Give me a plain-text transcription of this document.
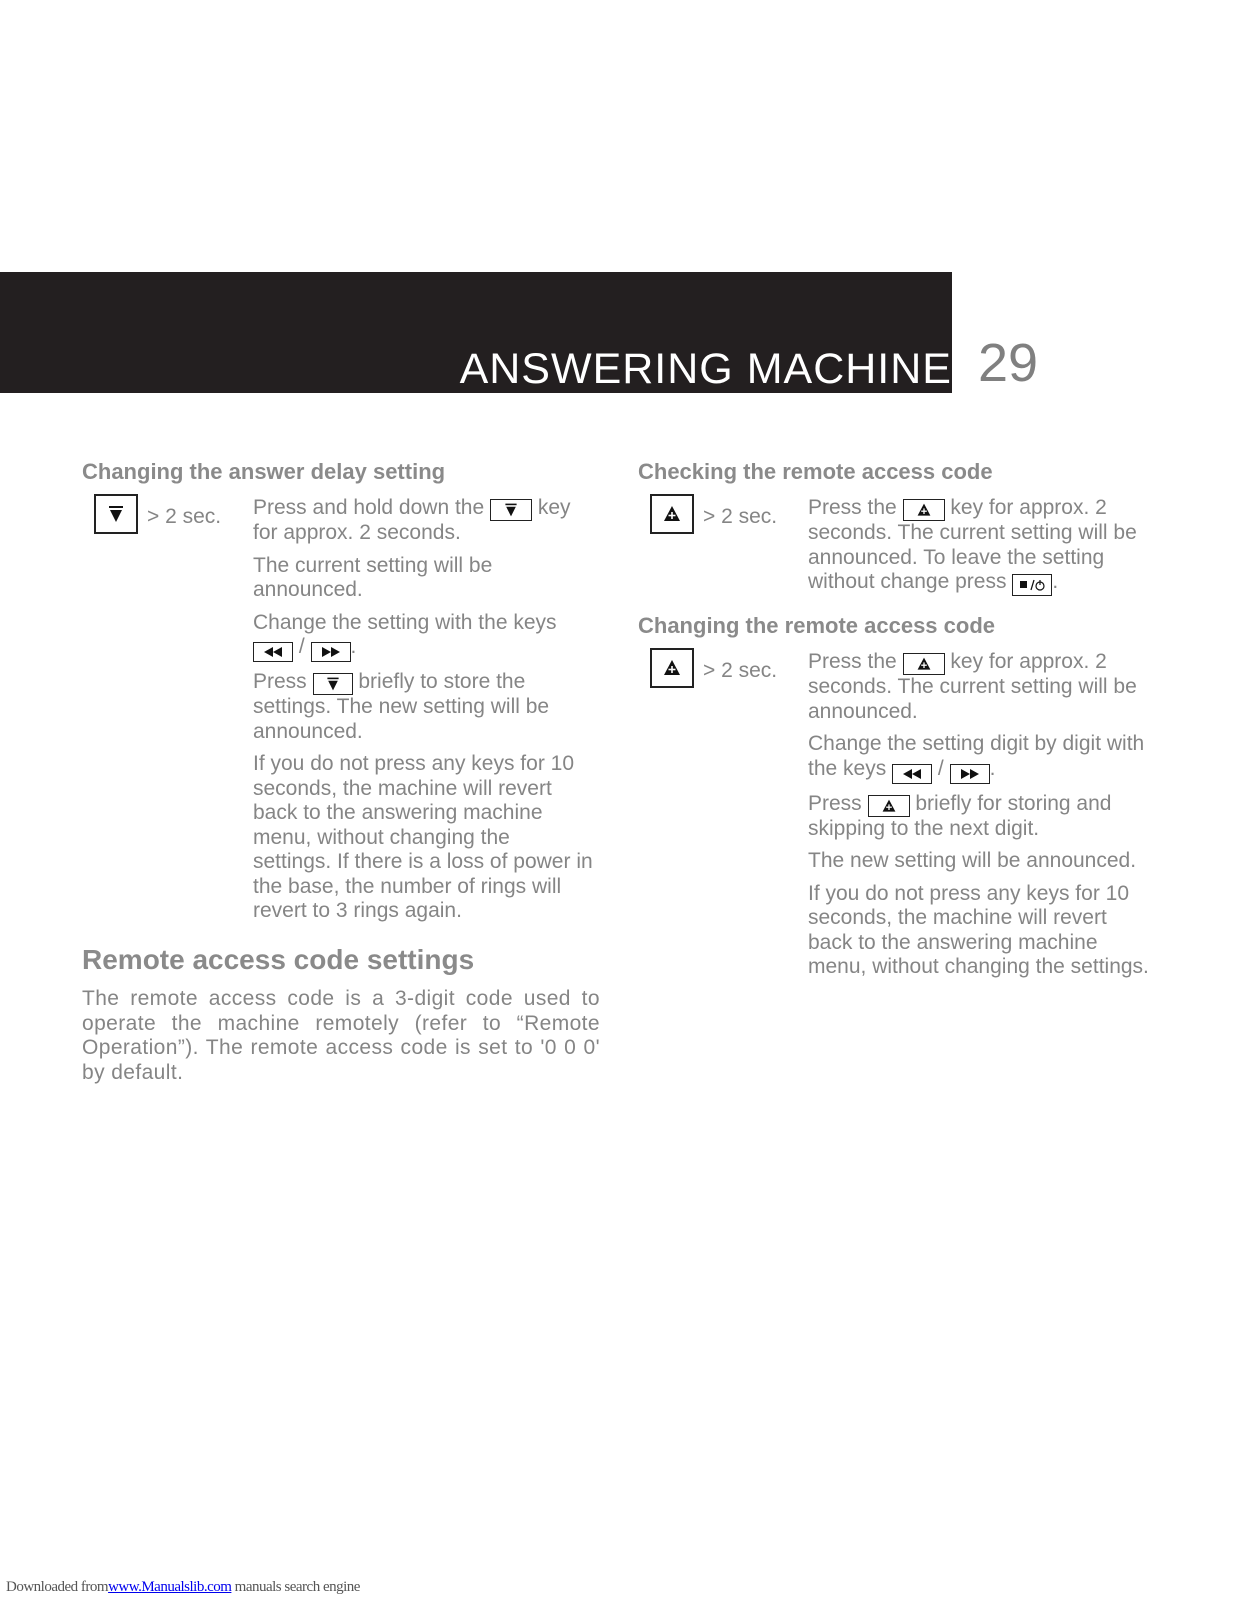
ANSWERING MACHINE 29
Changing the answer delay setting
> 2 sec. Press and hold down the	key
for approx. 2 seconds.

The current setting will be announced.

Change the setting with the keys

/ .

Press briefly to store the settings. The new setting will be announced.

If you do not press any keys for 10 seconds, the machine will revert back to the answering machine menu, without changing the settings. If there is a loss of power in the base, the number of rings will revert to 3 rings again.

Remote access code settings
The remote access code is a 3-digit code used to operate the machine remotely (refer to “Remote Operation”). The remote access code is set to '0 0 0' by default.
Checking the remote access code
> 2 sec. Press the	key for approx. 2 seconds. The current setting will be announced. To leave the setting without change press .

Changing the remote access code
> 2 sec. Press the	key for approx. 2 seconds. The current setting will be announced.

Change the setting digit by digit with the keys / .

Press	briefly for storing and skipping to the next digit.

The new setting will be announced.

If you do not press any keys for 10 seconds, the machine will revert back to the answering machine menu, without changing the settings.

Downloaded fromwww.Manualslib.com manuals search engine
